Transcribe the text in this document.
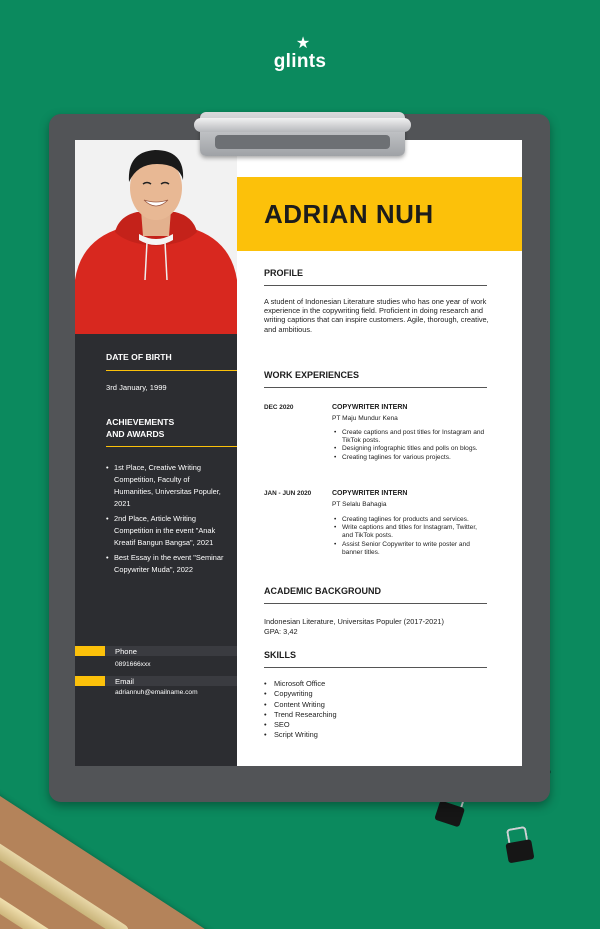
★
glints
DATE OF BIRTH
3rd January, 1999
ACHIEVEMENTS
AND AWARDS
• 1st Place, Creative Writing Competition, Faculty of Humanities, Universitas Populer, 2021
• 2nd Place, Article Writing Competition in the event "Anak Kreatif Bangun Bangsa", 2021
• Best Essay in the event "Seminar Copywriter Muda", 2022
Phone
0891666xxx
Email
adriannuh@emailname.com
ADRIAN NUH
PROFILE
A student of Indonesian Literature studies who has one year of work experience in the copywriting field. Proficient in doing research and writing captions that can inspire customers. Agile, thorough, creative, and ambitious.
WORK EXPERIENCES
DEC 2020	COPYWRITER INTERN
PT Maju Mundur Kena
• Create captions and post titles for Instagram and TikTok posts.
• Designing infographic titles and polls on blogs.
• Creating taglines for various projects.
JAN - JUN 2020	COPYWRITER INTERN
PT Selalu Bahagia
• Creating taglines for products and services.
• Write captions and titles for Instagram, Twitter, and TikTok posts.
• Assist Senior Copywriter to write poster and banner titles.
ACADEMIC BACKGROUND
Indonesian Literature, Universitas Populer (2017-2021)
GPA: 3,42
SKILLS
• Microsoft Office
• Copywriting
• Content Writing
• Trend Researching
• SEO
• Script Writing
